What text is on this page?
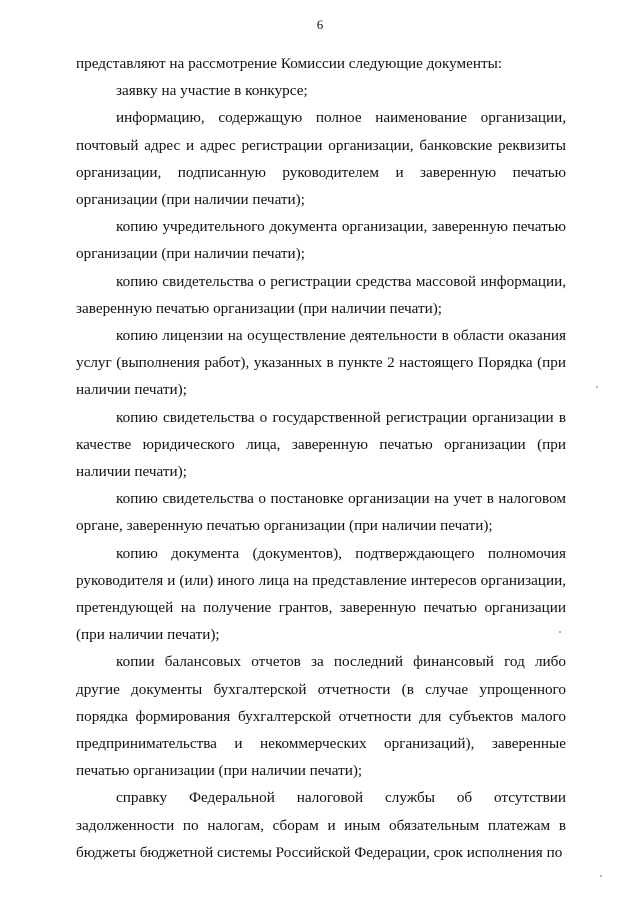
6

представляют на рассмотрение Комиссии следующие документы:

заявку на участие в конкурсе;

информацию, содержащую полное наименование организации, почтовый адрес и адрес регистрации организации, банковские реквизиты организации, подписанную руководителем и заверенную печатью организации (при наличии печати);

копию учредительного документа организации, заверенную печатью организации (при наличии печати);

копию свидетельства о регистрации средства массовой информации, заверенную печатью организации (при наличии печати);

копию лицензии на осуществление деятельности в области оказания услуг (выполнения работ), указанных в пункте 2 настоящего Порядка (при наличии печати);

копию свидетельства о государственной регистрации организации в качестве юридического лица, заверенную печатью организации (при наличии печати);

копию свидетельства о постановке организации на учет в налоговом органе, заверенную печатью организации (при наличии печати);

копию документа (документов), подтверждающего полномочия руководителя и (или) иного лица на представление интересов организации, претендующей на получение грантов, заверенную печатью организации (при наличии печати);

копии балансовых отчетов за последний финансовый год либо другие документы бухгалтерской отчетности (в случае упрощенного порядка формирования бухгалтерской отчетности для субъектов малого предпринимательства и некоммерческих организаций), заверенные печатью организации (при наличии печати);

справку Федеральной налоговой службы об отсутствии задолженности по налогам, сборам и иным обязательным платежам в бюджеты бюджетной системы Российской Федерации, срок исполнения по
